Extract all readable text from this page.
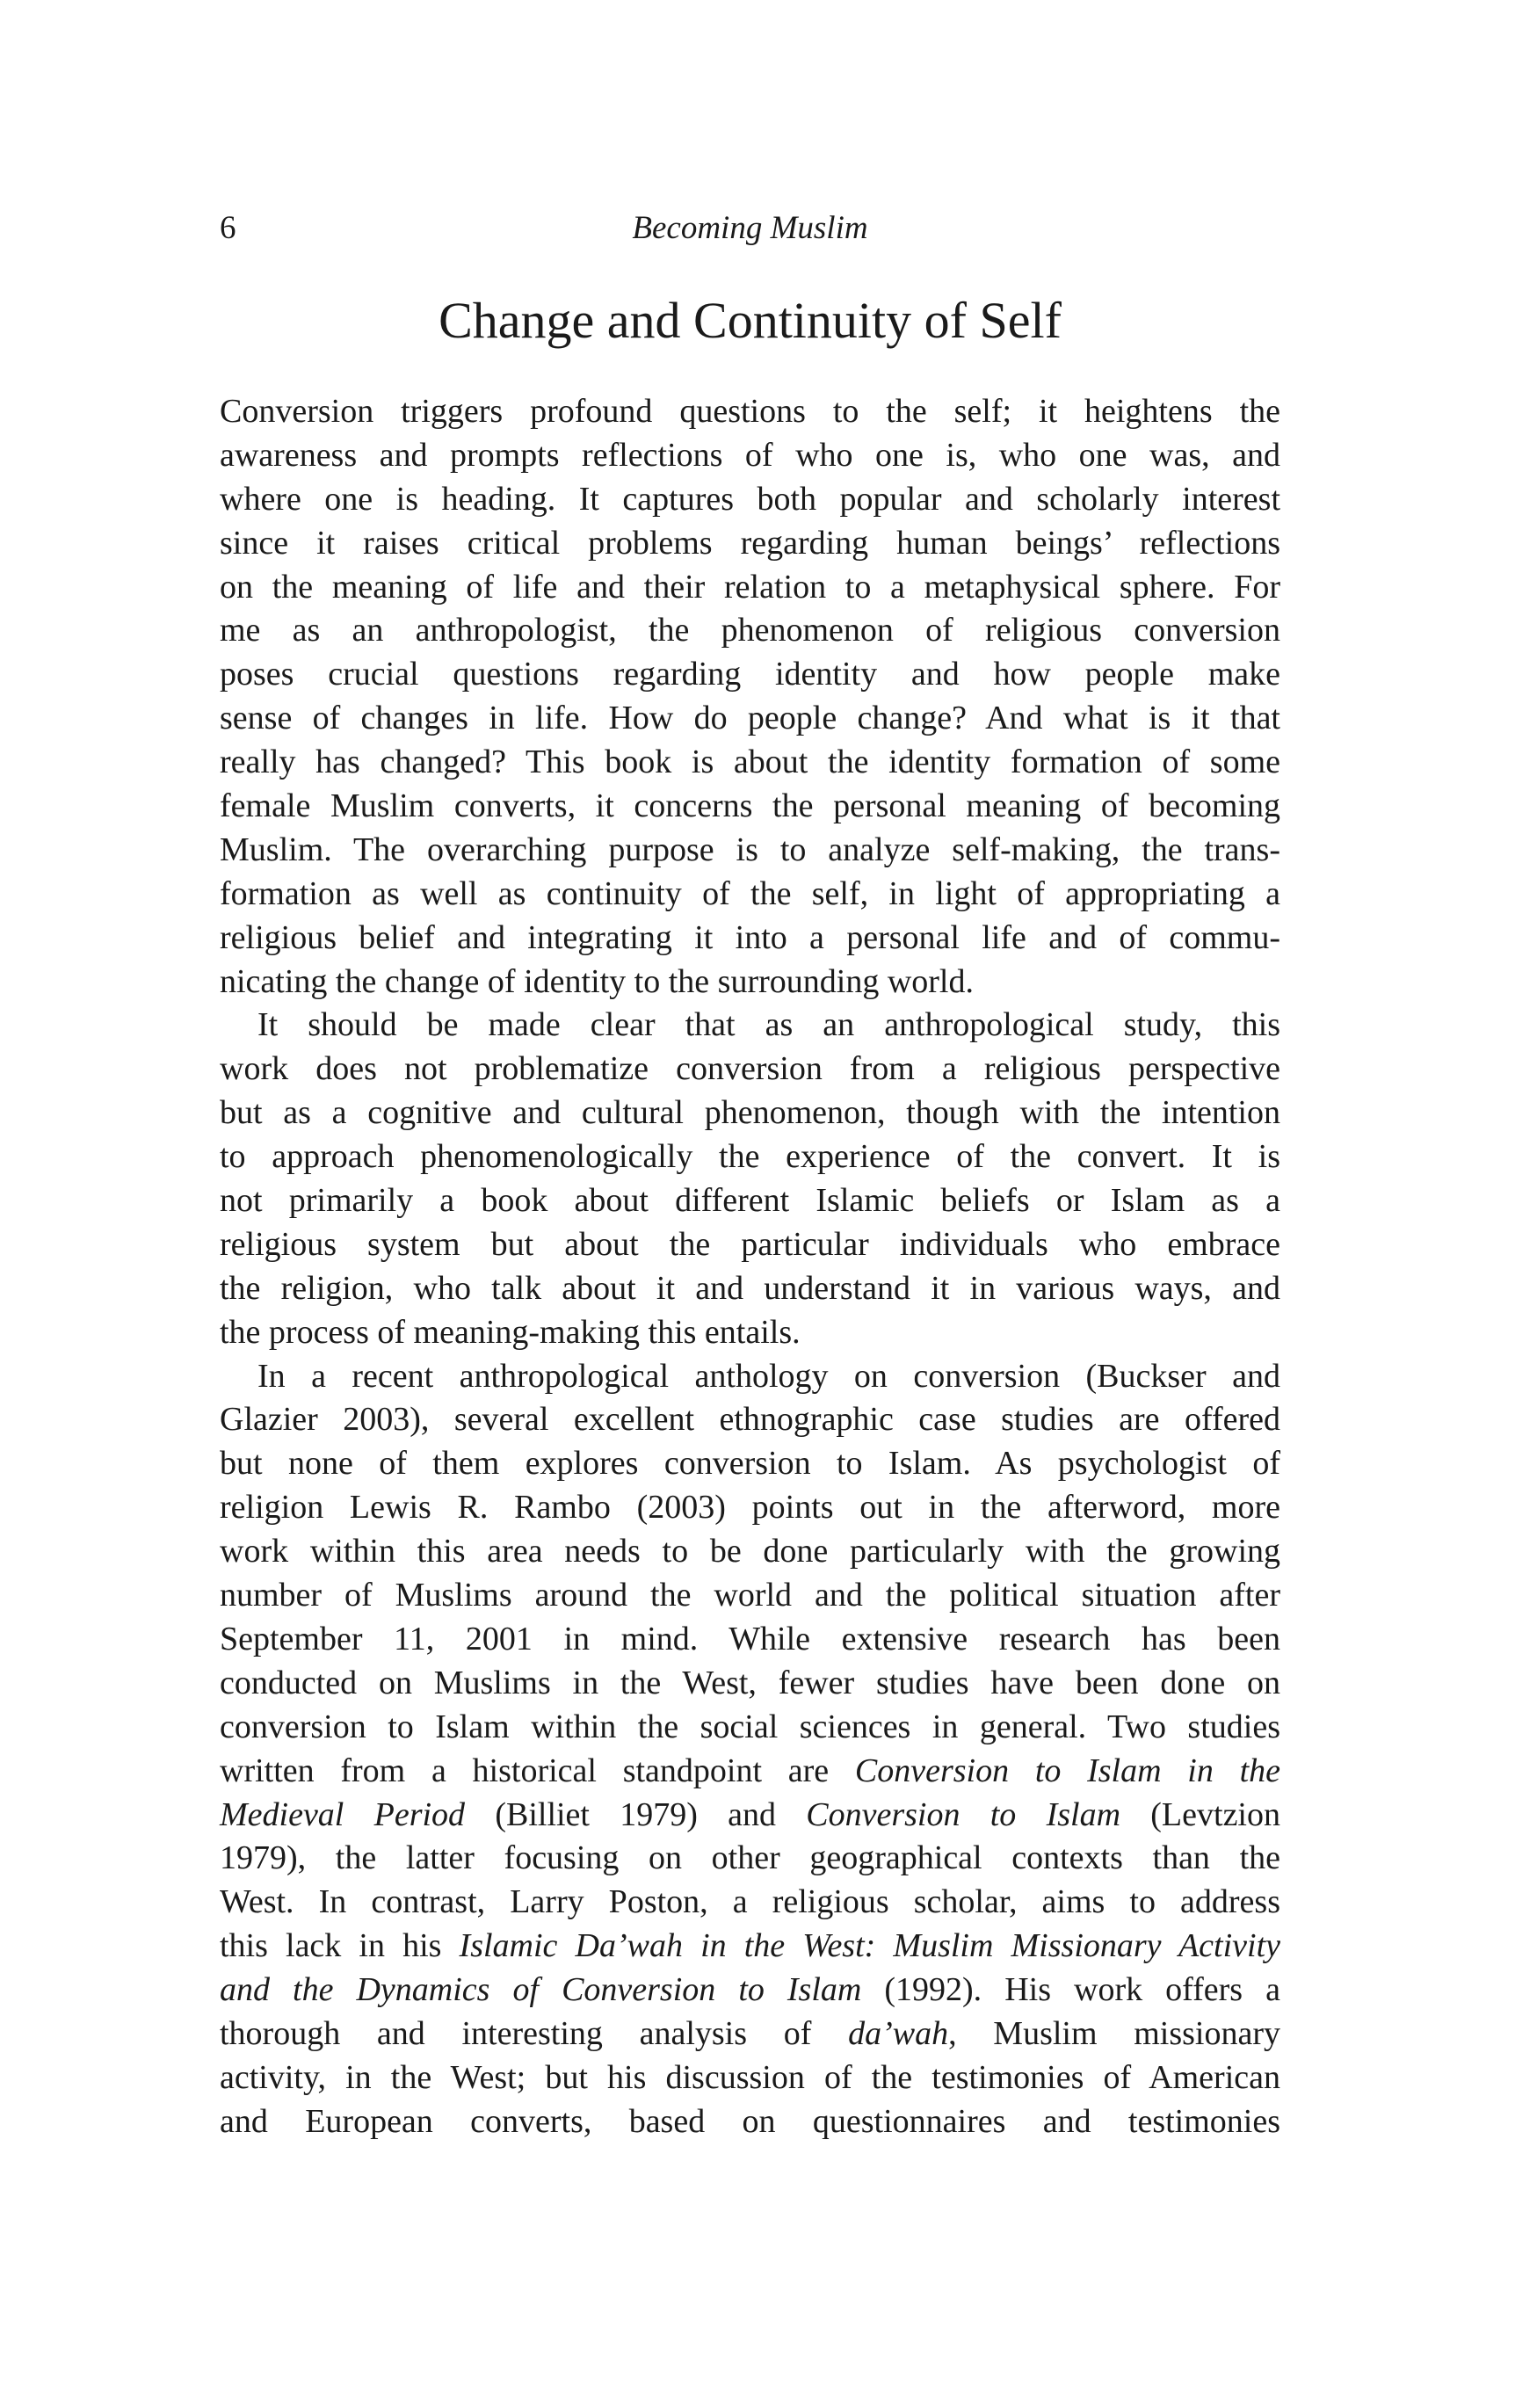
6	Becoming Muslim
Change and Continuity of Self
Conversion triggers profound questions to the self; it heightens the
awareness and prompts reflections of who one is, who one was, and
where one is heading. It captures both popular and scholarly interest
since it raises critical problems regarding human beings’ reflections
on the meaning of life and their relation to a metaphysical sphere. For
me as an anthropologist, the phenomenon of religious conversion
poses crucial questions regarding identity and how people make
sense of changes in life. How do people change? And what is it that
really has changed? This book is about the identity formation of some
female Muslim converts, it concerns the personal meaning of becoming
Muslim. The overarching purpose is to analyze self-making, the trans-
formation as well as continuity of the self, in light of appropriating a
religious belief and integrating it into a personal life and of commu-
nicating the change of identity to the surrounding world.
It should be made clear that as an anthropological study, this
work does not problematize conversion from a religious perspective
but as a cognitive and cultural phenomenon, though with the intention
to approach phenomenologically the experience of the convert. It is
not primarily a book about different Islamic beliefs or Islam as a
religious system but about the particular individuals who embrace
the religion, who talk about it and understand it in various ways, and
the process of meaning-making this entails.
In a recent anthropological anthology on conversion (Buckser and
Glazier 2003), several excellent ethnographic case studies are offered
but none of them explores conversion to Islam. As psychologist of
religion Lewis R. Rambo (2003) points out in the afterword, more
work within this area needs to be done particularly with the growing
number of Muslims around the world and the political situation after
September 11, 2001 in mind. While extensive research has been
conducted on Muslims in the West, fewer studies have been done on
conversion to Islam within the social sciences in general. Two studies
written from a historical standpoint are Conversion to Islam in the
Medieval Period (Billiet 1979) and Conversion to Islam (Levtzion
1979), the latter focusing on other geographical contexts than the
West. In contrast, Larry Poston, a religious scholar, aims to address
this lack in his Islamic Da’wah in the West: Muslim Missionary Activity
and the Dynamics of Conversion to Islam (1992). His work offers a
thorough and interesting analysis of da’wah, Muslim missionary
activity, in the West; but his discussion of the testimonies of American
and European converts, based on questionnaires and testimonies
